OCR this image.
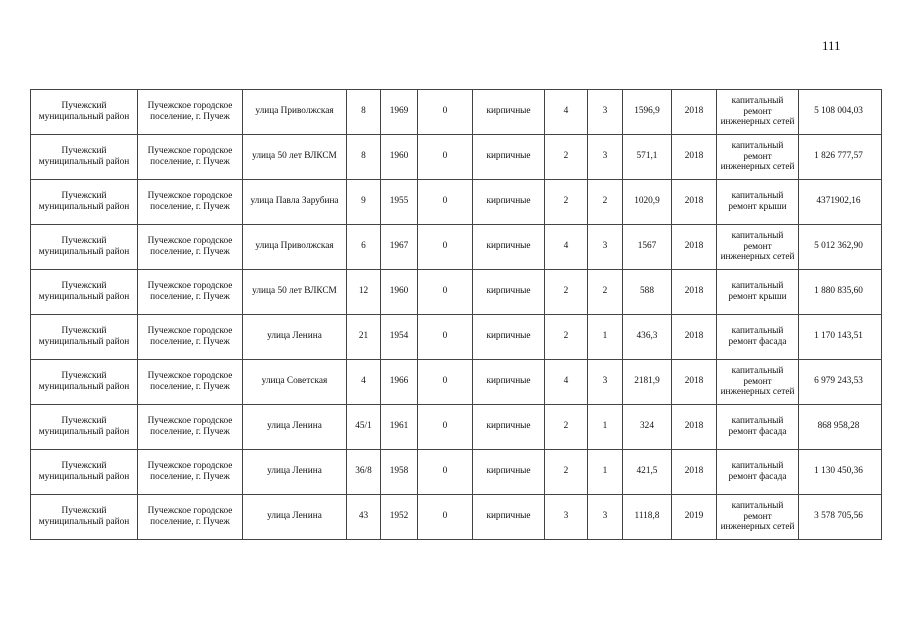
111
Пучежский муниципальный район	Пучежское городское поселение, г. Пучеж	улица Приволжская	8	1969	0	кирпичные	4	3	1596,9	2018	капитальный ремонт инженерных сетей	5 108 004,03
Пучежский муниципальный район	Пучежское городское поселение, г. Пучеж	улица 50 лет ВЛКСМ	8	1960	0	кирпичные	2	3	571,1	2018	капитальный ремонт инженерных сетей	1 826 777,57
Пучежский муниципальный район	Пучежское городское поселение, г. Пучеж	улица Павла Зарубина	9	1955	0	кирпичные	2	2	1020,9	2018	капитальный ремонт крыши	4371902,16
Пучежский муниципальный район	Пучежское городское поселение, г. Пучеж	улица Приволжская	6	1967	0	кирпичные	4	3	1567	2018	капитальный ремонт инженерных сетей	5 012 362,90
Пучежский муниципальный район	Пучежское городское поселение, г. Пучеж	улица 50 лет ВЛКСМ	12	1960	0	кирпичные	2	2	588	2018	капитальный ремонт крыши	1 880 835,60
Пучежский муниципальный район	Пучежское городское поселение, г. Пучеж	улица Ленина	21	1954	0	кирпичные	2	1	436,3	2018	капитальный ремонт фасада	1 170 143,51
Пучежский муниципальный район	Пучежское городское поселение, г. Пучеж	улица Советская	4	1966	0	кирпичные	4	3	2181,9	2018	капитальный ремонт инженерных сетей	6 979 243,53
Пучежский муниципальный район	Пучежское городское поселение, г. Пучеж	улица Ленина	45/1	1961	0	кирпичные	2	1	324	2018	капитальный ремонт фасада	868 958,28
Пучежский муниципальный район	Пучежское городское поселение, г. Пучеж	улица Ленина	36/8	1958	0	кирпичные	2	1	421,5	2018	капитальный ремонт фасада	1 130 450,36
Пучежский муниципальный район	Пучежское городское поселение, г. Пучеж	улица Ленина	43	1952	0	кирпичные	3	3	1118,8	2019	капитальный ремонт инженерных сетей	3 578 705,56
